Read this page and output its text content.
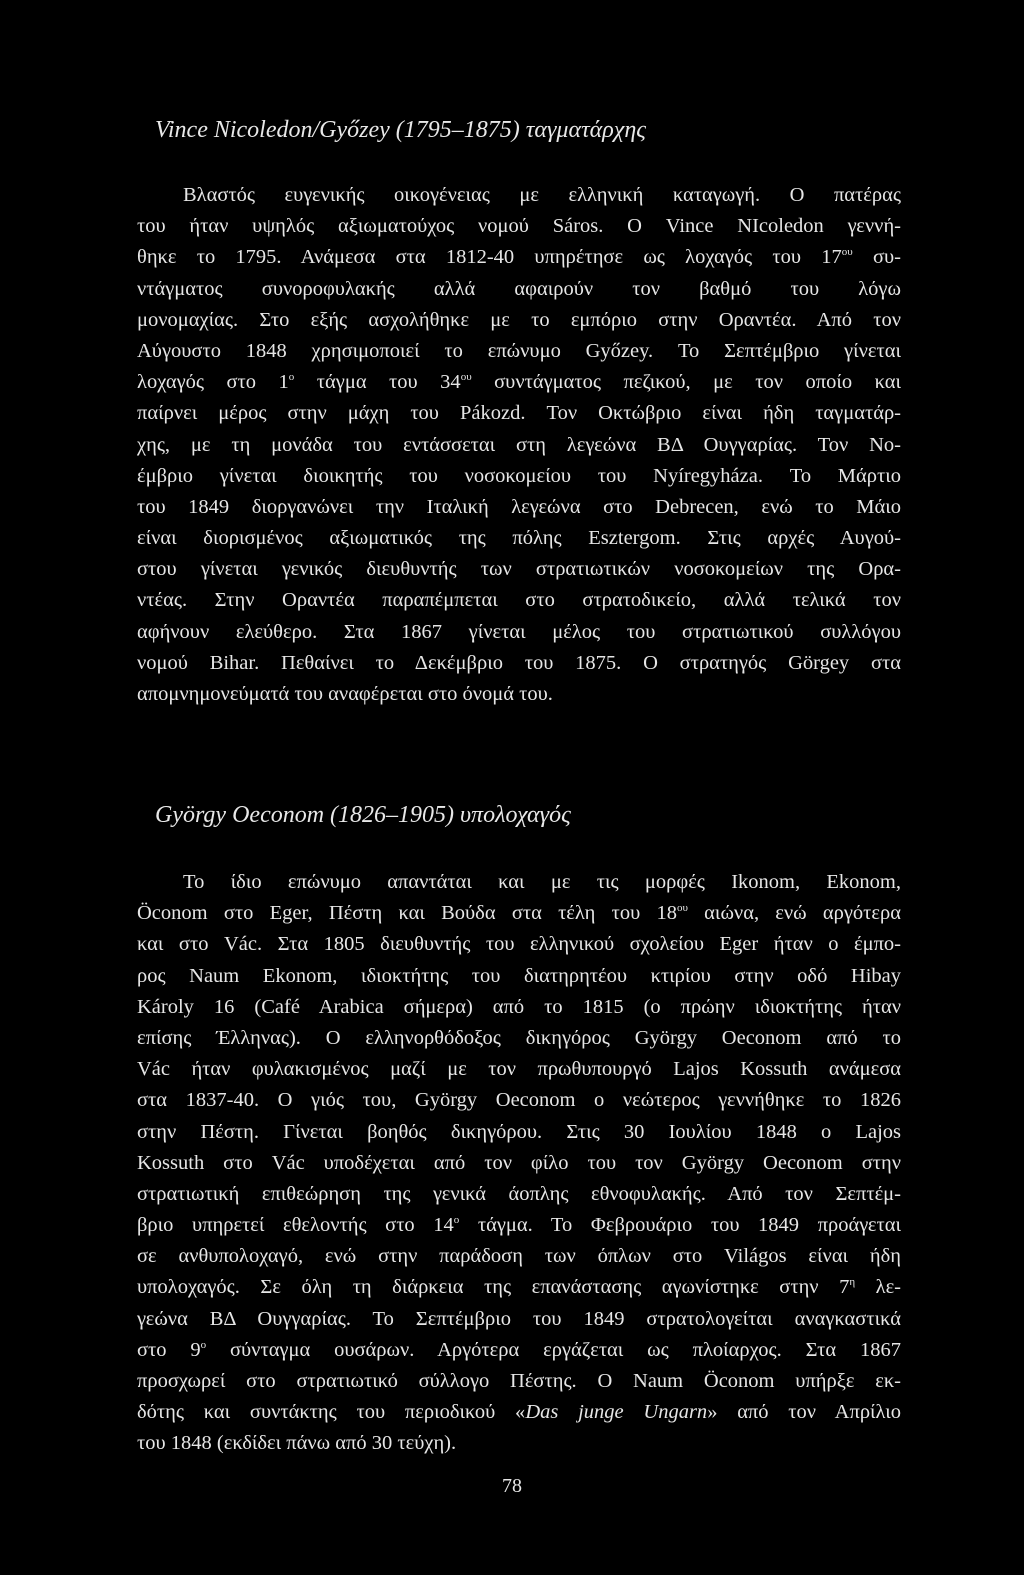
Vince Nicoledon/Győzey (1795–1875) ταγματάρχης
Βλαστός ευγενικής οικογένειας με ελληνική καταγωγή. Ο πατέρας
του ήταν υψηλός αξιωματούχος νομού Sáros. Ο Vince NIcoledon γεννή-
θηκε το 1795. Ανάμεσα στα 1812-40 υπηρέτησε ως λοχαγός του $17^{o\upsilon}$ συ-
ντάγματος συνοροφυλακής αλλά αφαιρούν τον βαθμό του λόγω
μονομαχίας. Στο εξής ασχολήθηκε με το εμπόριο στην Οραντέα. Από τον
Αύγουστο 1848 χρησιμοποιεί το επώνυμο Győzey. Το Σεπτέμβριο γίνεται
λοχαγός στο $1^o$ τάγμα του $34^{o\upsilon}$ συντάγματος πεζικού, με τον οποίο και
παίρνει μέρος στην μάχη του Pákozd. Τον Οκτώβριο είναι ήδη ταγματάρ-
χης, με τη μονάδα του εντάσσεται στη λεγεώνα ΒΔ Ουγγαρίας. Τον Νο-
έμβριο γίνεται διοικητής του νοσοκομείου του Nyíregyháza. Το Μάρτιο
του 1849 διοργανώνει την Ιταλική λεγεώνα στο Debrecen, ενώ το Μάιο
είναι διορισμένος αξιωματικός της πόλης Esztergom. Στις αρχές Αυγού-
στου γίνεται γενικός διευθυντής των στρατιωτικών νοσοκομείων της Ορα-
ντέας. Στην Οραντέα παραπέμπεται στο στρατοδικείο, αλλά τελικά τον
αφήνουν ελεύθερο. Στα 1867 γίνεται μέλος του στρατιωτικού συλλόγου
νομού Bihar. Πεθαίνει το Δεκέμβριο του 1875. Ο στρατηγός Görgey στα
απομνημονεύματά του αναφέρεται στο όνομά του.
György Oeconom (1826–1905) υπολοχαγός
Το ίδιο επώνυμο απαντάται και με τις μορφές Ikonom, Ekonom,
Öconom στο Eger, Πέστη και Βούδα στα τέλη του $18^{o\upsilon}$ αιώνα, ενώ αργότερα
και στο Vác. Στα 1805 διευθυντής του ελληνικού σχολείου Eger ήταν ο έμπο-
ρος Naum Ekonom, ιδιοκτήτης του διατηρητέου κτιρίου στην οδό Hibay
Károly 16 (Café Arabica σήμερα) από το 1815 (ο πρώην ιδιοκτήτης ήταν
επίσης Έλληνας). Ο ελληνορθόδοξος δικηγόρος György Oeconom από το
Vác ήταν φυλακισμένος μαζί με τον πρωθυπουργό Lajos Kossuth ανάμεσα
στα 1837-40. Ο γιός του, György Oeconom ο νεώτερος γεννήθηκε το 1826
στην Πέστη. Γίνεται βοηθός δικηγόρου. Στις 30 Ιουλίου 1848 ο Lajos
Kossuth στο Vác υποδέχεται από τον φίλο του τον György Oeconom στην
στρατιωτική επιθεώρηση της γενικά άοπλης εθνοφυλακής. Από τον Σεπτέμ-
βριο υπηρετεί εθελοντής στο $14^o$ τάγμα. Το Φεβρουάριο του 1849 προάγεται
σε ανθυπολοχαγό, ενώ στην παράδοση των όπλων στο Világos είναι ήδη
υπολοχαγός. Σε όλη τη διάρκεια της επανάστασης αγωνίστηκε στην $7^\eta$ λε-
γεώνα ΒΔ Ουγγαρίας. Το Σεπτέμβριο του 1849 στρατολογείται αναγκαστικά
στο $9^o$ σύνταγμα ουσάρων. Αργότερα εργάζεται ως πλοίαρχος. Στα 1867
προσχωρεί στο στρατιωτικό σύλλογο Πέστης. Ο Naum Öconom υπήρξε εκ-
δότης και συντάκτης του περιοδικού «Das junge Ungarn» από τον Απρίλιο
του 1848 (εκδίδει πάνω από 30 τεύχη).
78
